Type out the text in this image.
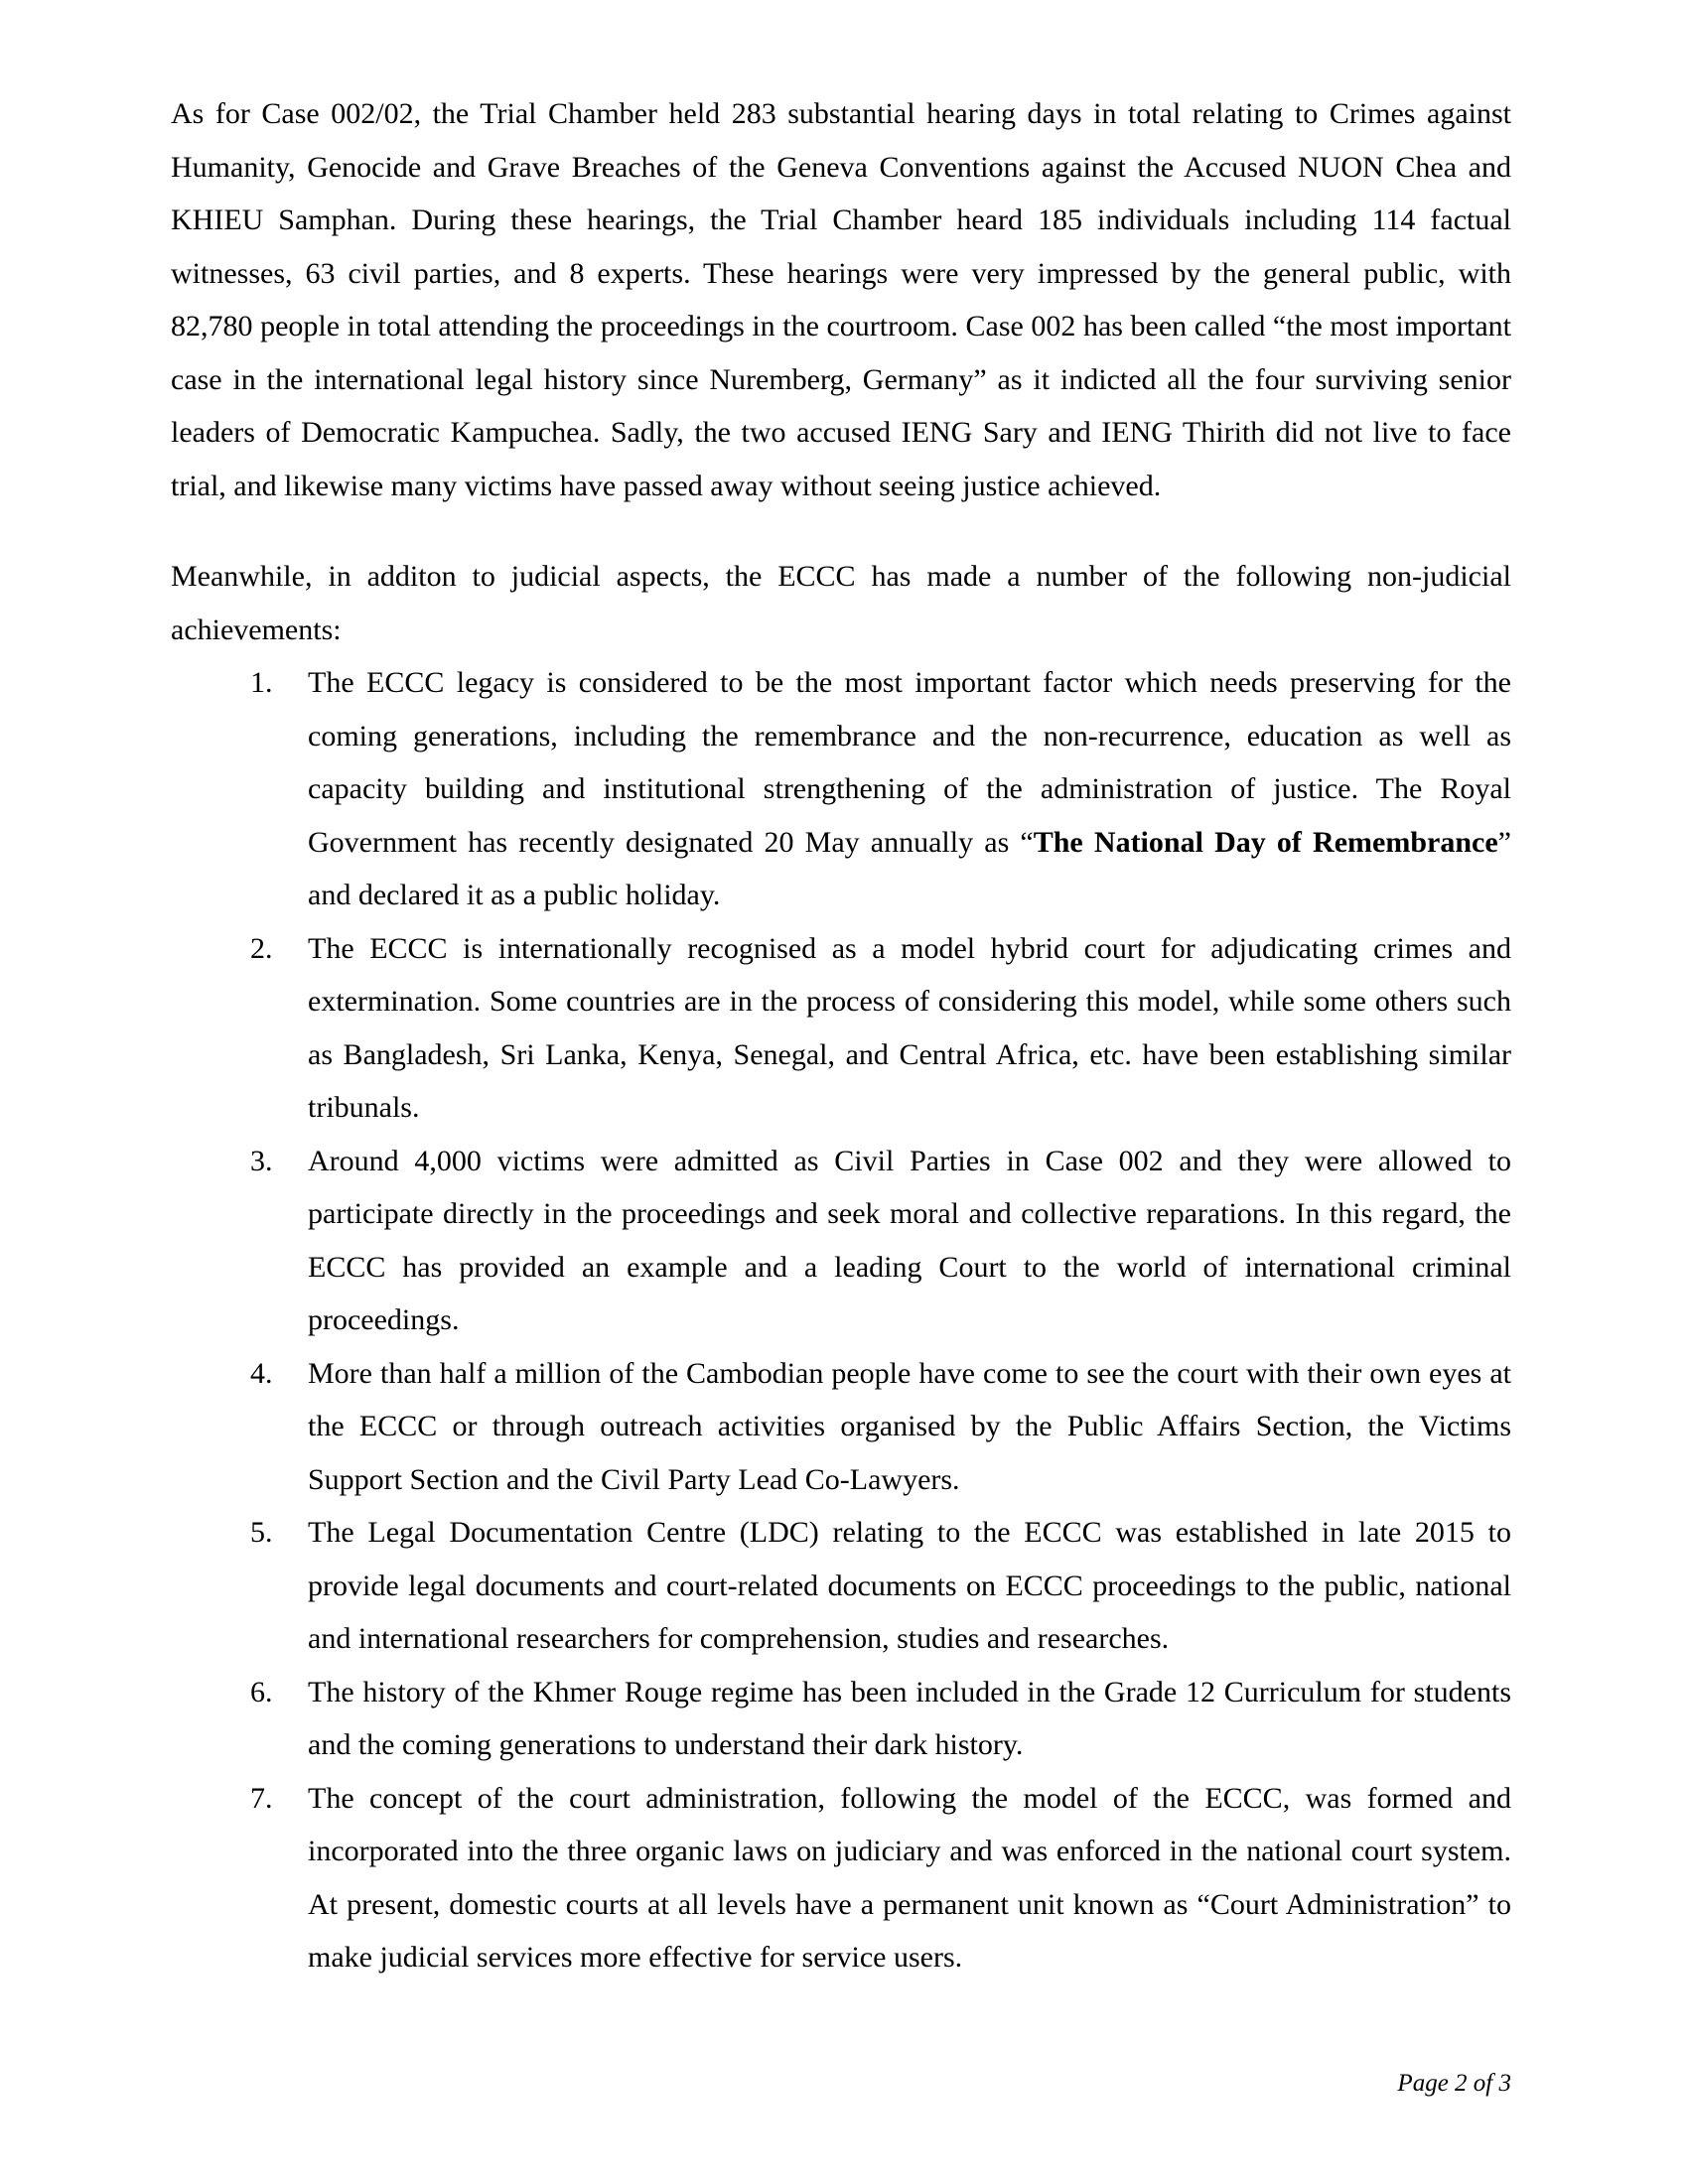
As for Case 002/02, the Trial Chamber held 283 substantial hearing days in total relating to Crimes against Humanity, Genocide and Grave Breaches of the Geneva Conventions against the Accused NUON Chea and KHIEU Samphan. During these hearings, the Trial Chamber heard 185 individuals including 114 factual witnesses, 63 civil parties, and 8 experts. These hearings were very impressed by the general public, with 82,780 people in total attending the proceedings in the courtroom. Case 002 has been called “the most important case in the international legal history since Nuremberg, Germany” as it indicted all the four surviving senior leaders of Democratic Kampuchea. Sadly, the two accused IENG Sary and IENG Thirith did not live to face trial, and likewise many victims have passed away without seeing justice achieved.

Meanwhile, in additon to judicial aspects, the ECCC has made a number of the following non-judicial achievements:

1. The ECCC legacy is considered to be the most important factor which needs preserving for the coming generations, including the remembrance and the non-recurrence, education as well as capacity building and institutional strengthening of the administration of justice. The Royal Government has recently designated 20 May annually as “The National Day of Remembrance” and declared it as a public holiday.
2. The ECCC is internationally recognised as a model hybrid court for adjudicating crimes and extermination. Some countries are in the process of considering this model, while some others such as Bangladesh, Sri Lanka, Kenya, Senegal, and Central Africa, etc. have been establishing similar tribunals.
3. Around 4,000 victims were admitted as Civil Parties in Case 002 and they were allowed to participate directly in the proceedings and seek moral and collective reparations. In this regard, the ECCC has provided an example and a leading Court to the world of international criminal proceedings.
4. More than half a million of the Cambodian people have come to see the court with their own eyes at the ECCC or through outreach activities organised by the Public Affairs Section, the Victims Support Section and the Civil Party Lead Co-Lawyers.
5. The Legal Documentation Centre (LDC) relating to the ECCC was established in late 2015 to provide legal documents and court-related documents on ECCC proceedings to the public, national and international researchers for comprehension, studies and researches.
6. The history of the Khmer Rouge regime has been included in the Grade 12 Curriculum for students and the coming generations to understand their dark history.
7. The concept of the court administration, following the model of the ECCC, was formed and incorporated into the three organic laws on judiciary and was enforced in the national court system. At present, domestic courts at all levels have a permanent unit known as “Court Administration” to make judicial services more effective for service users.
Page 2 of 3
